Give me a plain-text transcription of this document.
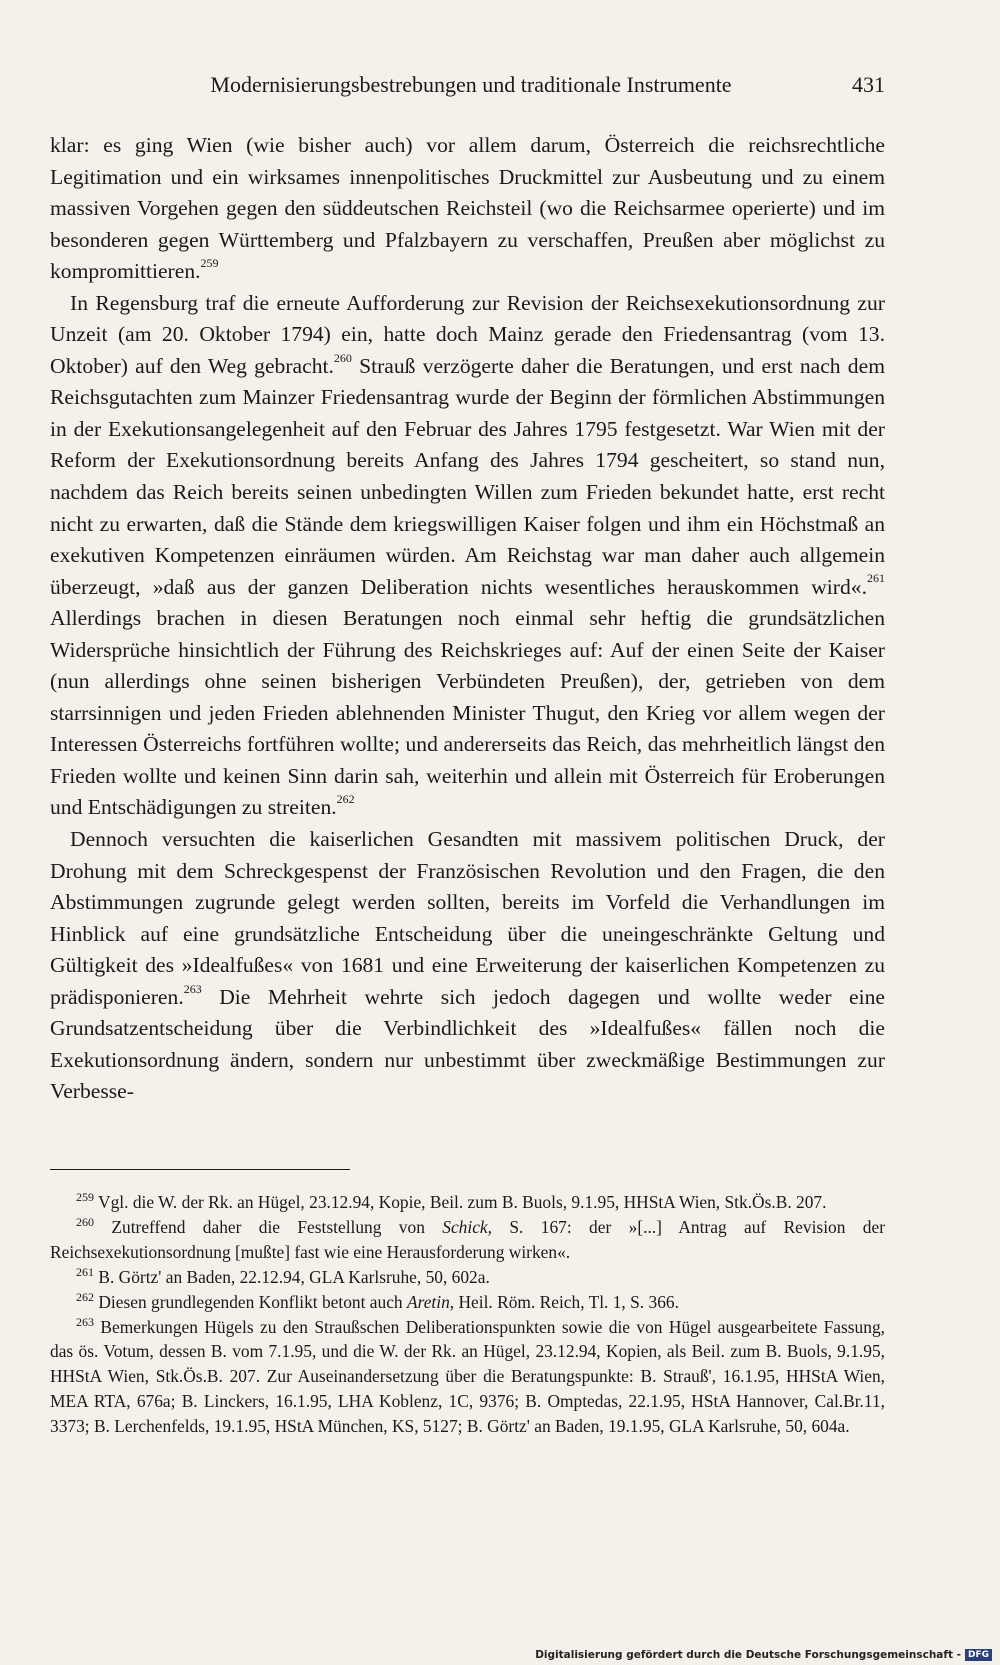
Modernisierungsbestrebungen und traditionale Instrumente	431

klar: es ging Wien (wie bisher auch) vor allem darum, Österreich die reichsrechtliche Legitimation und ein wirksames innenpolitisches Druckmittel zur Ausbeutung und zu einem massiven Vorgehen gegen den süddeutschen Reichsteil (wo die Reichsarmee operierte) und im besonderen gegen Württemberg und Pfalzbayern zu verschaffen, Preußen aber möglichst zu kompromittieren.$^{259}$

In Regensburg traf die erneute Aufforderung zur Revision der Reichsexekutionsordnung zur Unzeit (am 20. Oktober 1794) ein, hatte doch Mainz gerade den Friedensantrag (vom 13. Oktober) auf den Weg gebracht.$^{260}$ Strauß verzögerte daher die Beratungen, und erst nach dem Reichsgutachten zum Mainzer Friedensantrag wurde der Beginn der förmlichen Abstimmungen in der Exekutionsangelegenheit auf den Februar des Jahres 1795 festgesetzt. War Wien mit der Reform der Exekutionsordnung bereits Anfang des Jahres 1794 gescheitert, so stand nun, nachdem das Reich bereits seinen unbedingten Willen zum Frieden bekundet hatte, erst recht nicht zu erwarten, daß die Stände dem kriegswilligen Kaiser folgen und ihm ein Höchstmaß an exekutiven Kompetenzen einräumen würden. Am Reichstag war man daher auch allgemein überzeugt, »daß aus der ganzen Deliberation nichts wesentliches herauskommen wird«.$^{261}$ Allerdings brachen in diesen Beratungen noch einmal sehr heftig die grundsätzlichen Widersprüche hinsichtlich der Führung des Reichskrieges auf: Auf der einen Seite der Kaiser (nun allerdings ohne seinen bisherigen Verbündeten Preußen), der, getrieben von dem starrsinnigen und jeden Frieden ablehnenden Minister Thugut, den Krieg vor allem wegen der Interessen Österreichs fortführen wollte; und andererseits das Reich, das mehrheitlich längst den Frieden wollte und keinen Sinn darin sah, weiterhin und allein mit Österreich für Eroberungen und Entschädigungen zu streiten.$^{262}$

Dennoch versuchten die kaiserlichen Gesandten mit massivem politischen Druck, der Drohung mit dem Schreckgespenst der Französischen Revolution und den Fragen, die den Abstimmungen zugrunde gelegt werden sollten, bereits im Vorfeld die Verhandlungen im Hinblick auf eine grundsätzliche Entscheidung über die uneingeschränkte Geltung und Gültigkeit des »Idealfußes« von 1681 und eine Erweiterung der kaiserlichen Kompetenzen zu prädisponieren.$^{263}$ Die Mehrheit wehrte sich jedoch dagegen und wollte weder eine Grundsatzentscheidung über die Verbindlichkeit des »Idealfußes« fällen noch die Exekutionsordnung ändern, sondern nur unbestimmt über zweckmäßige Bestimmungen zur Verbesse-

$^{259}$ Vgl. die W. der Rk. an Hügel, 23.12.94, Kopie, Beil. zum B. Buols, 9.1.95, HHStA Wien, Stk.Ös.B. 207.

$^{260}$ Zutreffend daher die Feststellung von Schick, S. 167: der »[...] Antrag auf Revision der Reichsexekutionsordnung [mußte] fast wie eine Herausforderung wirken«.

$^{261}$ B. Görtz' an Baden, 22.12.94, GLA Karlsruhe, 50, 602a.

$^{262}$ Diesen grundlegenden Konflikt betont auch Aretin, Heil. Röm. Reich, Tl. 1, S. 366.

$^{263}$ Bemerkungen Hügels zu den Straußschen Deliberationspunkten sowie die von Hügel ausgearbeitete Fassung, das ös. Votum, dessen B. vom 7.1.95, und die W. der Rk. an Hügel, 23.12.94, Kopien, als Beil. zum B. Buols, 9.1.95, HHStA Wien, Stk.Ös.B. 207. Zur Auseinandersetzung über die Beratungspunkte: B. Strauß', 16.1.95, HHStA Wien, MEA RTA, 676a; B. Linckers, 16.1.95, LHA Koblenz, 1C, 9376; B. Omptedas, 22.1.95, HStA Hannover, Cal.Br.11, 3373; B. Lerchenfelds, 19.1.95, HStA München, KS, 5127; B. Görtz' an Baden, 19.1.95, GLA Karlsruhe, 50, 604a.

Digitalisierung gefördert durch die Deutsche Forschungsgemeinschaft - DFG
